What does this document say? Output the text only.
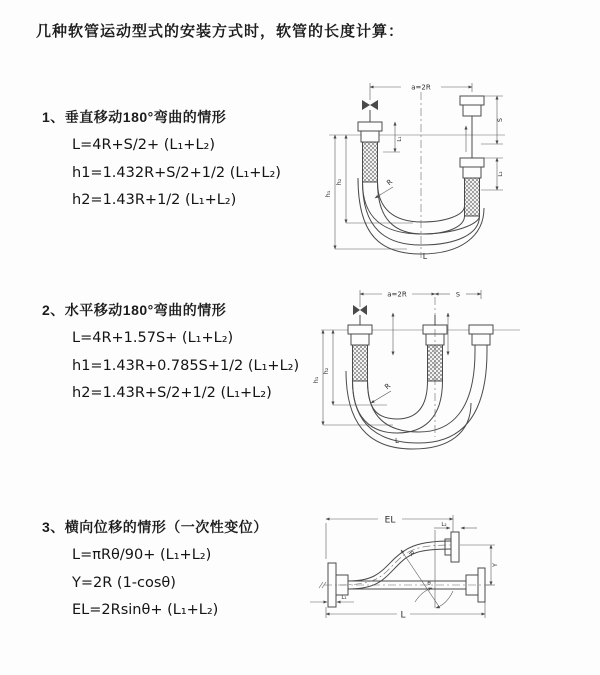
几种软管运动型式的安装方式时，软管的长度计算：
1、垂直移动180°弯曲的情形
L=4R+S/2+ (L₁+L₂)
h1=1.432R+S/2+1/2 (L₁+L₂)
h2=1.43R+1/2 (L₁+L₂)
2、水平移动180°弯曲的情形
L=4R+1.57S+ (L₁+L₂)
h1=1.43R+0.785S+1/2 (L₁+L₂)
h2=1.43R+S/2+1/2 (L₁+L₂)
3、横向位移的情形（一次性变位）
L=πRθ/90+ (L₁+L₂)
Y=2R (1-cosθ)
EL=2Rsinθ+ (L₁+L₂)
a=2R
L₁
S
L₂
h₁
h₂	R
L
a=2R	S
h₁
h₂
R
L
EL	L₂
R
θ
Y
L₁
L
